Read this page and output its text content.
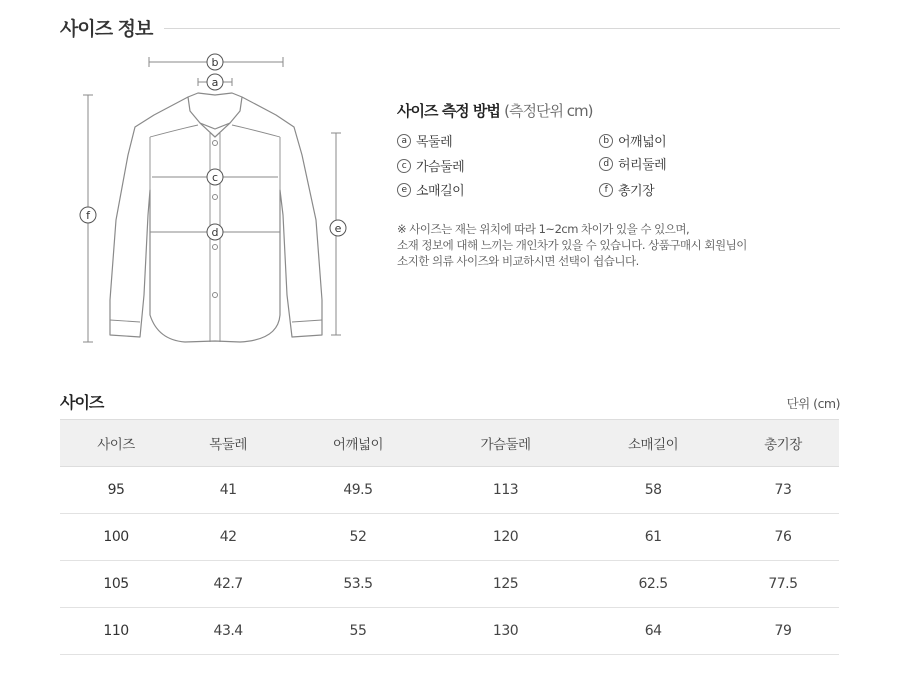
사이즈 정보
b
a
c
d
f
e
사이즈 측정 방법 (측정단위 cm)
a 목둘레	b 어깨넓이
c 가슴둘레	d 허리둘레
e 소매길이	f 총기장
※ 사이즈는 재는 위치에 따라 1~2cm 차이가 있을 수 있으며,
소재 정보에 대해 느끼는 개인차가 있을 수 있습니다. 상품구매시 회원님이
소지한 의류 사이즈와 비교하시면 선택이 쉽습니다.
사이즈	단위 (cm)
사이즈	목둘레	어깨넓이	가슴둘레	소매길이	총기장
95	41	49.5	113	58	73
100	42	52	120	61	76
105	42.7	53.5	125	62.5	77.5
110	43.4	55	130	64	79
